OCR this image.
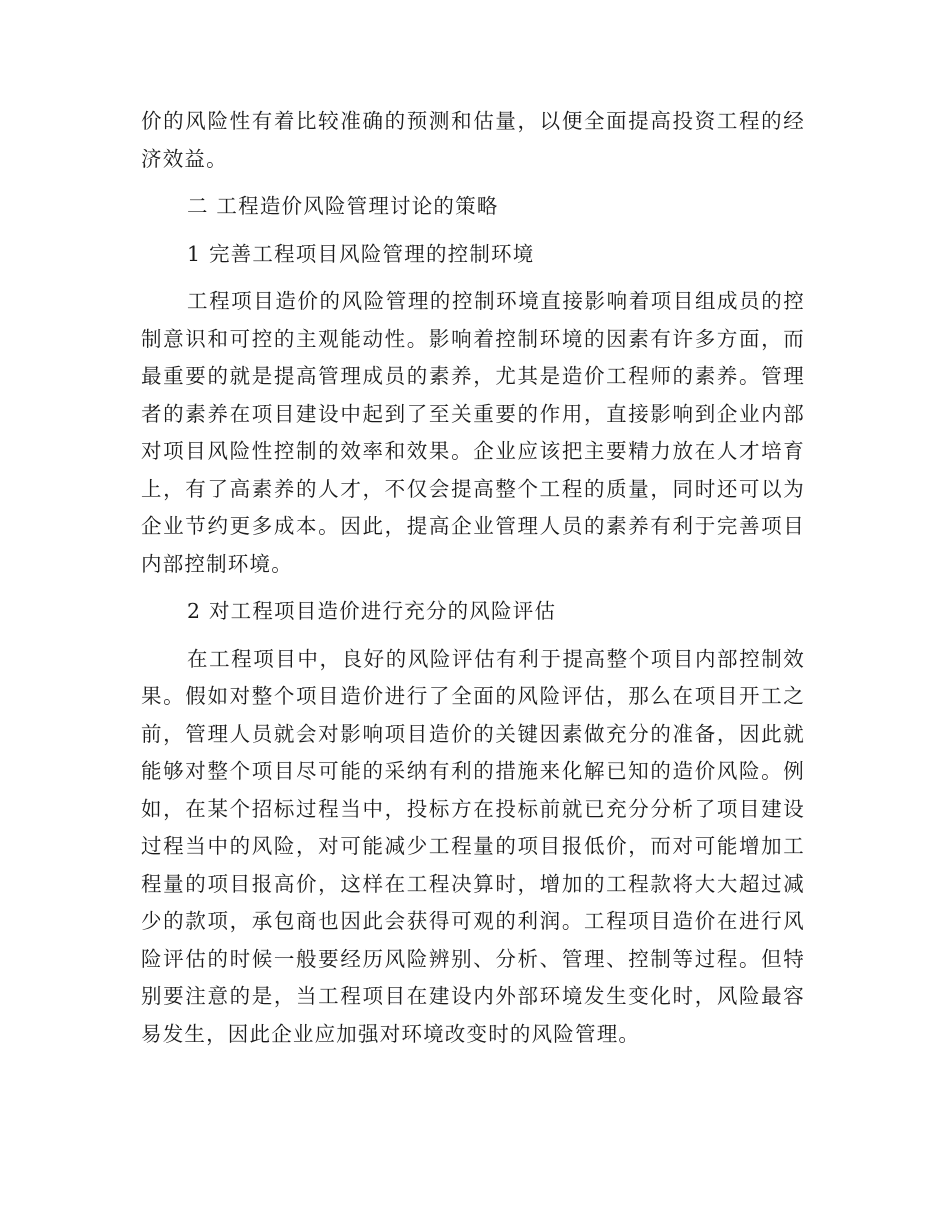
价的风险性有着比较准确的预测和估量，以便全面提高投资工程的经济效益。

二 工程造价风险管理讨论的策略

1 完善工程项目风险管理的控制环境

工程项目造价的风险管理的控制环境直接影响着项目组成员的控制意识和可控的主观能动性。影响着控制环境的因素有许多方面，而最重要的就是提高管理成员的素养，尤其是造价工程师的素养。管理者的素养在项目建设中起到了至关重要的作用，直接影响到企业内部对项目风险性控制的效率和效果。企业应该把主要精力放在人才培育上，有了高素养的人才，不仅会提高整个工程的质量，同时还可以为企业节约更多成本。因此，提高企业管理人员的素养有利于完善项目内部控制环境。

2 对工程项目造价进行充分的风险评估

在工程项目中，良好的风险评估有利于提高整个项目内部控制效果。假如对整个项目造价进行了全面的风险评估，那么在项目开工之前，管理人员就会对影响项目造价的关键因素做充分的准备，因此就能够对整个项目尽可能的采纳有利的措施来化解已知的造价风险。例如，在某个招标过程当中，投标方在投标前就已充分分析了项目建设过程当中的风险，对可能减少工程量的项目报低价，而对可能增加工程量的项目报高价，这样在工程决算时，增加的工程款将大大超过减少的款项，承包商也因此会获得可观的利润。工程项目造价在进行风险评估的时候一般要经历风险辨别、分析、管理、控制等过程。但特别要注意的是，当工程项目在建设内外部环境发生变化时，风险最容易发生，因此企业应加强对环境改变时的风险管理。
